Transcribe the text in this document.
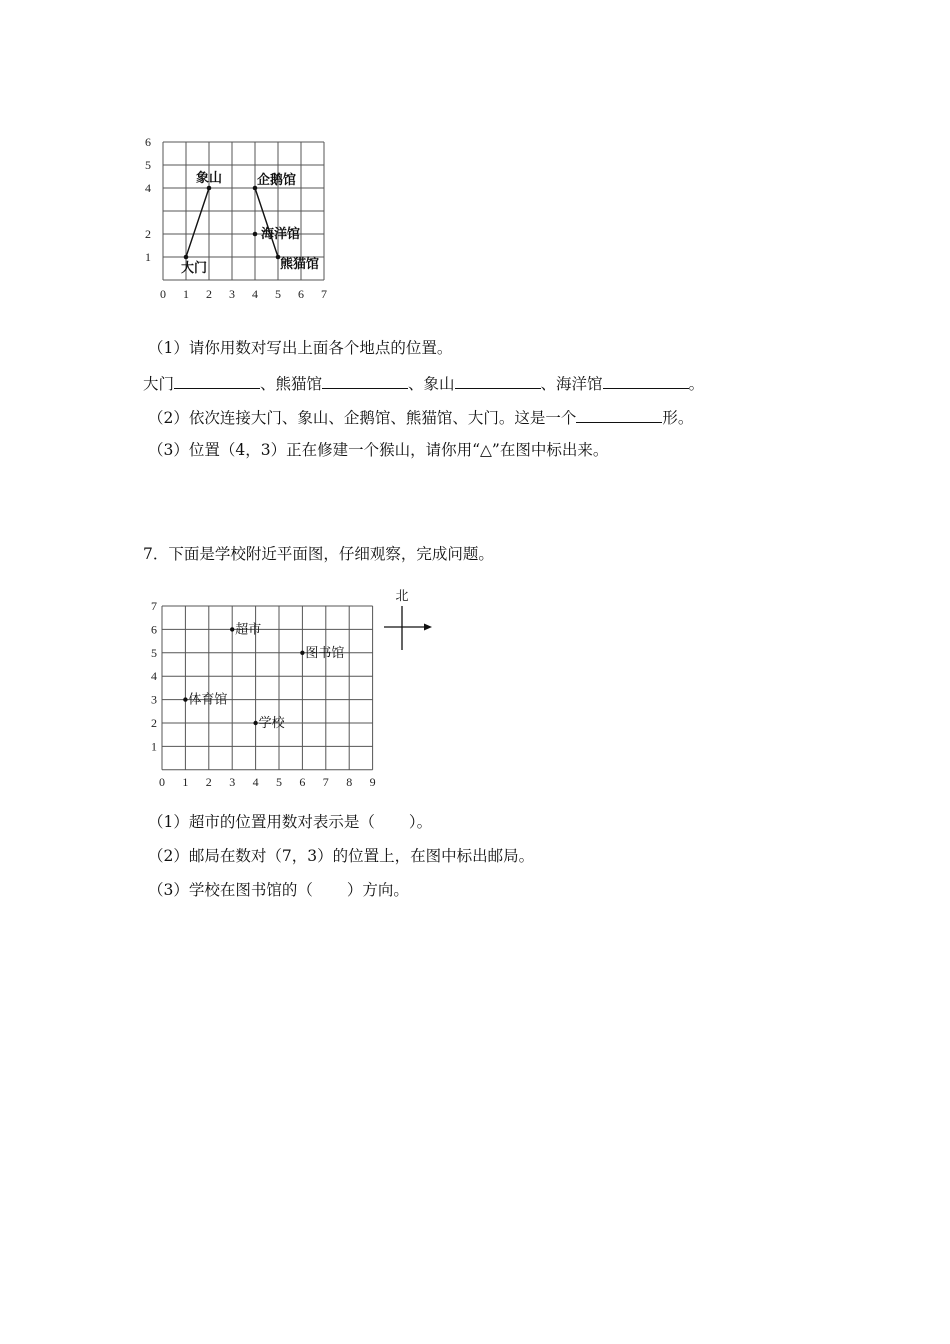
大门
象山	企鹅馆
海洋馆
熊猫馆
0 1 2 3 4 5 6 7
1
2
4
5
6
（1）请你用数对写出上面各个地点的位置。
大门	、熊猫馆	、象山	、海洋馆	。
（2）依次连接大门、象山、企鹅馆、熊猫馆、大门。这是一个	形。
（3）位置（4，3）正在修建一个猴山，请你用“△”在图中标出来。
7．下面是学校附近平面图，仔细观察，完成问题。
超市
图书馆
体育馆
学校
0 1 2 3 4 5 6 7 8 9
1
2
3
4
5
6
7
北
（1）超市的位置用数对表示是（ ）。
（2）邮局在数对（7，3）的位置上，在图中标出邮局。
（3）学校在图书馆的（ ）方向。
